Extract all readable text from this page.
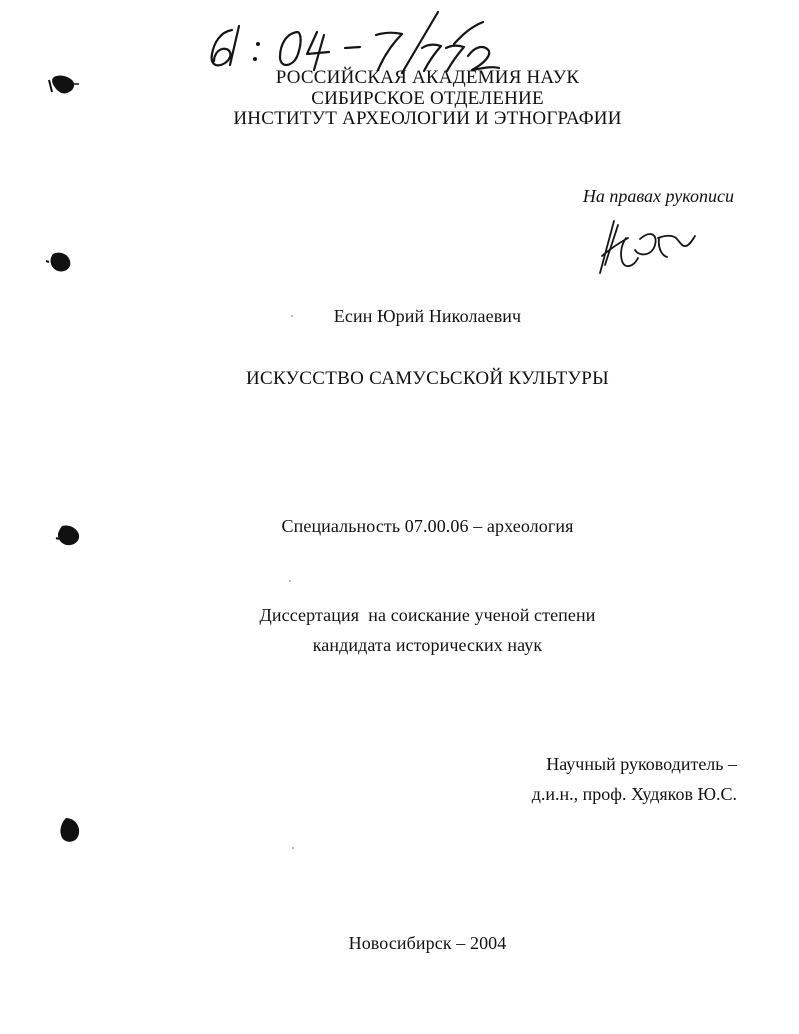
РОССИЙСКАЯ АКАДЕМИЯ НАУК
СИБИРСКОЕ ОТДЕЛЕНИЕ
ИНСТИТУТ АРХЕОЛОГИИ И ЭТНОГРАФИИ
На правах рукописи
Есин Юрий Николаевич
ИСКУССТВО САМУСЬСКОЙ КУЛЬТУРЫ
Специальность 07.00.06 – археология
Диссертация  на соискание ученой степени
кандидата исторических наук
Научный руководитель –
д.и.н., проф. Худяков Ю.С.
Новосибирск – 2004
